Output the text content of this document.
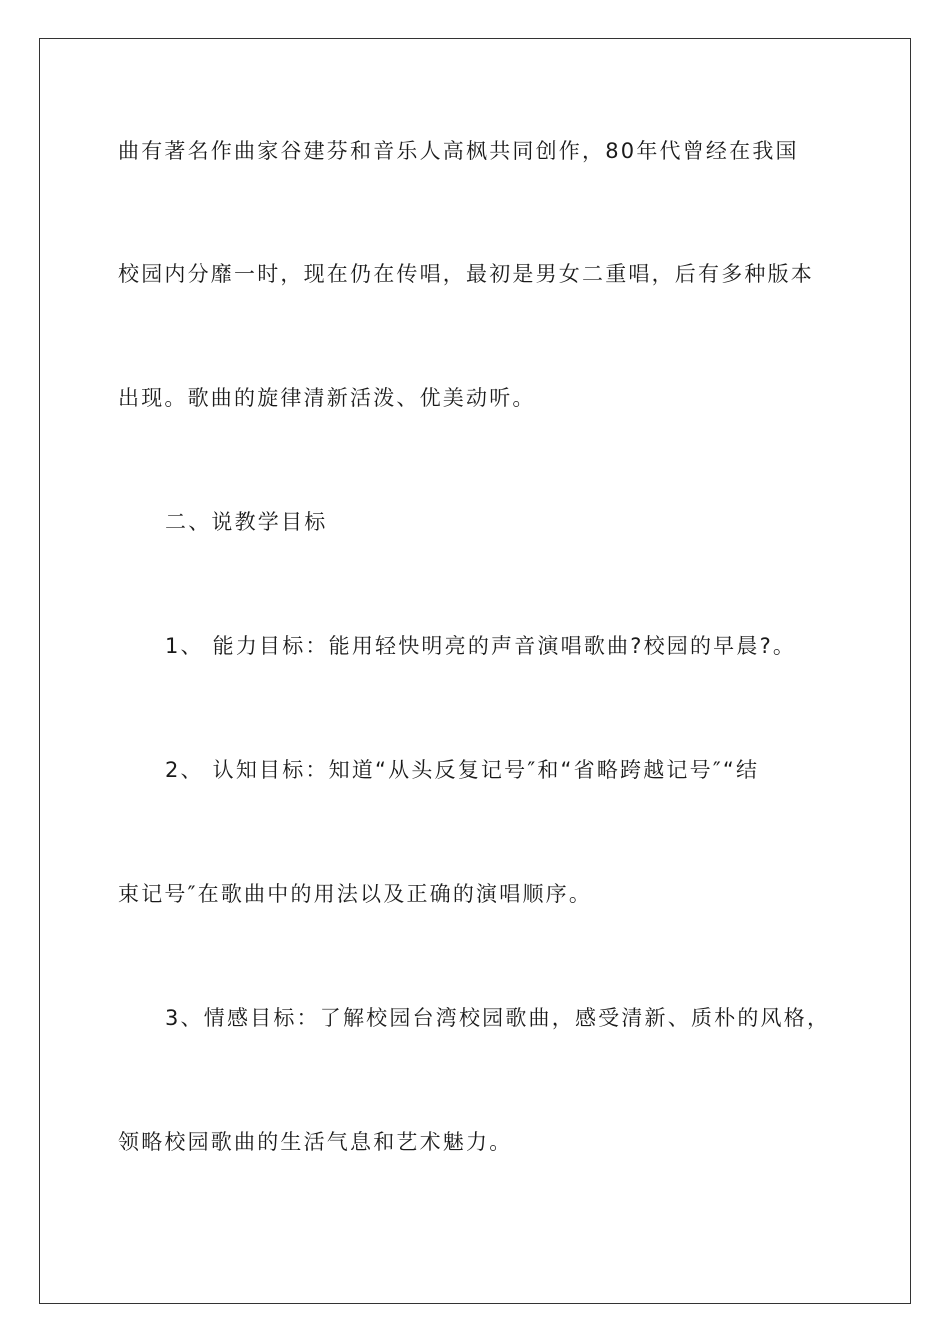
曲有著名作曲家谷建芬和音乐人高枫共同创作，80年代曾经在我国

校园内分靡一时，现在仍在传唱，最初是男女二重唱，后有多种版本

出现。歌曲的旋律清新活泼、优美动听。

二、说教学目标

1、 能力目标：能用轻快明亮的声音演唱歌曲?校园的早晨?。

2、 认知目标：知道“从头反复记号″和“省略跨越记号″“结

束记号″在歌曲中的用法以及正确的演唱顺序。

3、情感目标：了解校园台湾校园歌曲，感受清新、质朴的风格，

领略校园歌曲的生活气息和艺术魅力。
